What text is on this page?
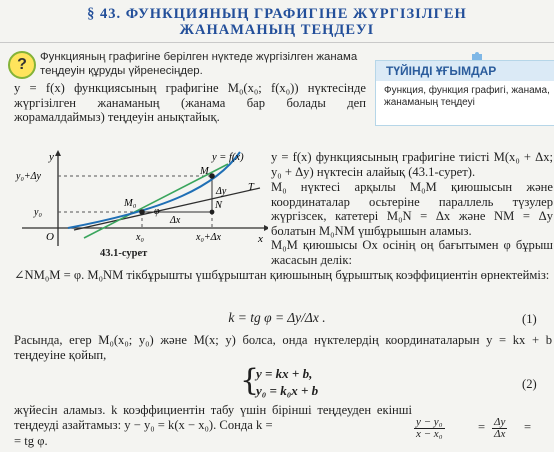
§ 43. ФУНКЦИЯНЫҢ ГРАФИГІНЕ ЖҮРГІЗІЛГЕН
ЖАНАМАНЫҢ ТЕҢДЕУІ
?	Функцияның графигіне берілген нүктеде жүргізілген жанама теңдеуін құруды үйренесіңдер.	ТҮЙІНДІ ҰҒЫМДАР
Функция, функция графигі, жанама, жанаманың теңдеуі
y = f(x) функциясының графигіне M₀(x₀; f(x₀)) нүктесінде жүргізілген жанаманың (жанама бар болады деп жорамалдаймыз) теңдеуін анықтайық.
y
x
O
y = f(x)
T
M
M₀	N
φ
Δx
Δy
y₀
y₀+Δy
x₀	x₀+Δx
43.1-сурет
y = f(x) функциясының графигіне тиісті M(x₀ + Δx; y₀ + Δy) нүктесін алайық (43.1-сурет).
M₀ нүктесі арқылы M₀M қиюшысын және координаталар осьтеріне параллель түзулер жүргізсек, катетері M₀N = Δx және NM = Δy болатын M₀NM үшбұрышын аламыз.
M₀M қиюшысы Ox осінің оң бағытымен φ бұрыш жасасын делік:
∠NM₀M = φ. M₀NM тікбұрышты үшбұрыштан қиюшының бұрыштық коэффициентін өрнектейміз:
k = tg φ = Δy/Δx .	(1)
Расында, егер M₀(x₀; y₀) және M(x; y) болса, онда нүктелердің координаталарын y = kx + b теңдеуіне қойып,
{
y = kx + b,
y₀ = k₀x + b	(2)
жүйесін аламыз. k коэффициентін табу үшін бірінші теңдеуден екіншi теңдеуді азайтамыз: y − y₀ = k(x − x₀). Сонда k =	$\frac{\text{y − y₀}}{\text{x − x₀}}$	= $\frac{\Delta y}{\Delta x}$ =
= tg φ.
